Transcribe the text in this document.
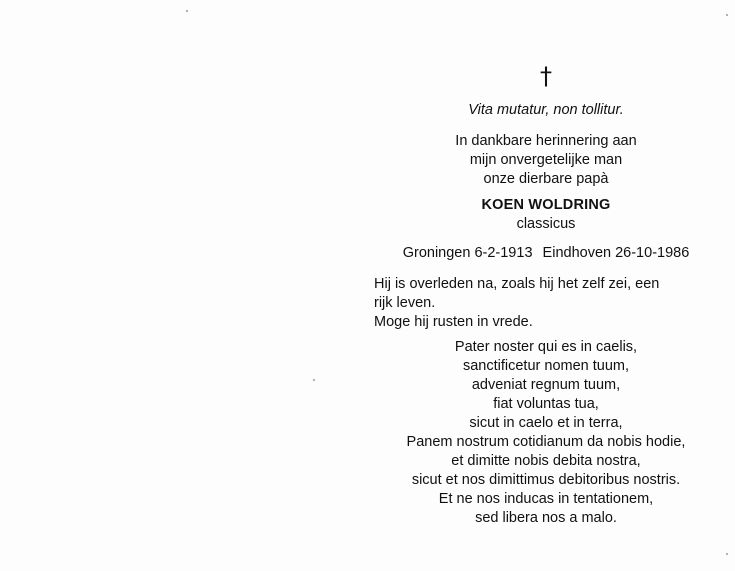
†
Vita mutatur, non tollitur.
In dankbare herinnering aan
mijn onvergetelijke man
onze dierbare papà
KOEN WOLDRING
classicus
Groningen 6-2-1913 Eindhoven 26-10-1986
Hij is overleden na, zoals hij het zelf zei, een
rijk leven.
Moge hij rusten in vrede.
Pater noster qui es in caelis,
sanctificetur nomen tuum,
adveniat regnum tuum,
fiat voluntas tua,
sicut in caelo et in terra,
Panem nostrum cotidianum da nobis hodie,
et dimitte nobis debita nostra,
sicut et nos dimittimus debitoribus nostris.
Et ne nos inducas in tentationem,
sed libera nos a malo.
